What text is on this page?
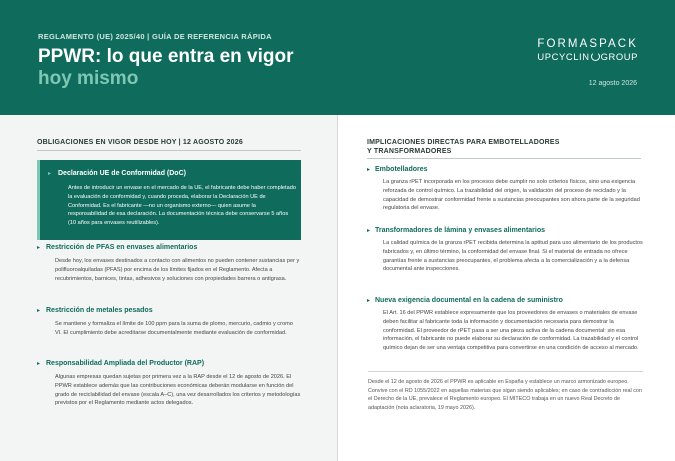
REGLAMENTO (UE) 2025/40 | GUÍA DE REFERENCIA RÁPIDA
PPWR: lo que entra en vigor
hoy mismo
FORMASPACK
UPCYCLIN GROUP
12 agosto 2026
OBLIGACIONES EN VIGOR DESDE HOY | 12 AGOSTO 2026
▸ Declaración UE de Conformidad (DoC)
Antes de introducir un envase en el mercado de la UE, el fabricante debe haber completado la evaluación de conformidad y, cuando proceda, elaborar la Declaración UE de Conformidad. Es el fabricante —no un organismo externo— quien asume la responsabilidad de esa declaración. La documentación técnica debe conservarse 5 años (10 años para envases reutilizables).
▸ Restricción de PFAS en envases alimentarios
Desde hoy, los envases destinados a contacto con alimentos no pueden contener sustancias per y polifluoroalquiladas (PFAS) por encima de los límites fijados en el Reglamento. Afecta a recubrimientos, barnices, tintas, adhesivos y soluciones con propiedades barrera o antigrasa.
▸ Restricción de metales pesados
Se mantiene y formaliza el límite de 100 ppm para la suma de plomo, mercurio, cadmio y cromo VI. El cumplimiento debe acreditarse documentalmente mediante evaluación de conformidad.
▸ Responsabilidad Ampliada del Productor (RAP)
Algunas empresas quedan sujetas por primera vez a la RAP desde el 12 de agosto de 2026. El PPWR establece además que las contribuciones económicas deberán modularse en función del grado de reciclabilidad del envase (escala A–C), una vez desarrollados los criterios y metodologías previstos por el Reglamento mediante actos delegados.
IMPLICACIONES DIRECTAS PARA EMBOTELLADORES
Y TRANSFORMADORES
▸ Embotelladores
La granza rPET incorporada en los procesos debe cumplir no solo criterios físicos, sino una exigencia reforzada de control químico. La trazabilidad del origen, la validación del proceso de reciclado y la capacidad de demostrar conformidad frente a sustancias preocupantes son ahora parte de la seguridad regulatoria del envase.
▸ Transformadores de lámina y envases alimentarios
La calidad química de la granza rPET recibida determina la aptitud para uso alimentario de los productos fabricados y, en último término, la conformidad del envase final. Si el material de entrada no ofrece garantías frente a sustancias preocupantes, el problema afecta a la comercialización y a la defensa documental ante inspecciones.
▸ Nueva exigencia documental en la cadena de suministro
El Art. 16 del PPWR establece expresamente que los proveedores de envases o materiales de envase deben facilitar al fabricante toda la información y documentación necesaria para demostrar la conformidad. El proveedor de rPET pasa a ser una pieza activa de la cadena documental: sin esa información, el fabricante no puede elaborar su declaración de conformidad. La trazabilidad y el control químico dejan de ser una ventaja competitiva para convertirse en una condición de acceso al mercado.
Desde el 12 de agosto de 2026 el PPWR es aplicable en España y establece un marco armonizado europeo. Convive con el RD 1055/2022 en aquellas materias que sigan siendo aplicables; en caso de contradicción real con el Derecho de la UE, prevalece el Reglamento europeo. El MITECO trabaja en un nuevo Real Decreto de adaptación (nota aclaratoria, 19 mayo 2026).
